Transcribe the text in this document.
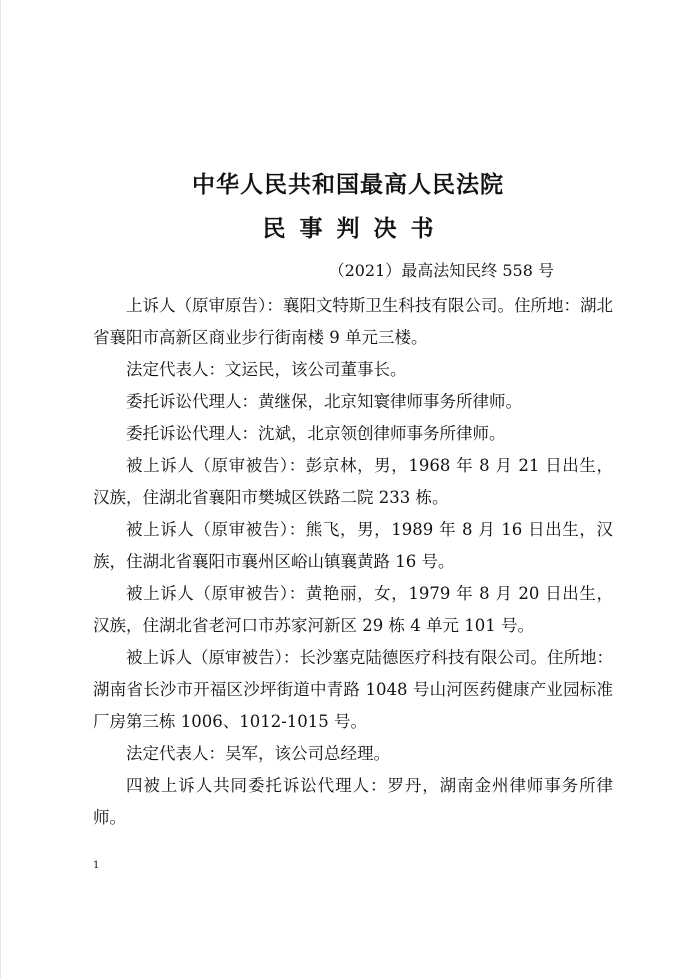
中华人民共和国最高人民法院
民事判决书
（2021）最高法知民终 558 号

上诉人（原审原告）：襄阳文特斯卫生科技有限公司。住所地：湖北省襄阳市高新区商业步行街南楼 9 单元三楼。

法定代表人：文运民，该公司董事长。

委托诉讼代理人：黄继保，北京知寰律师事务所律师。

委托诉讼代理人：沈斌，北京领创律师事务所律师。

被上诉人（原审被告）：彭京林，男，1968 年 8 月 21 日出生，汉族，住湖北省襄阳市樊城区铁路二院 233 栋。

被上诉人（原审被告）：熊飞，男，1989 年 8 月 16 日出生，汉族，住湖北省襄阳市襄州区峪山镇襄黄路 16 号。

被上诉人（原审被告）：黄艳丽，女，1979 年 8 月 20 日出生，汉族，住湖北省老河口市苏家河新区 29 栋 4 单元 101 号。

被上诉人（原审被告）：长沙塞克陆德医疗科技有限公司。住所地：湖南省长沙市开福区沙坪街道中青路 1048 号山河医药健康产业园标准厂房第三栋 1006、1012-1015 号。

法定代表人：吴军，该公司总经理。

四被上诉人共同委托诉讼代理人：罗丹，湖南金州律师事务所律师。

1
